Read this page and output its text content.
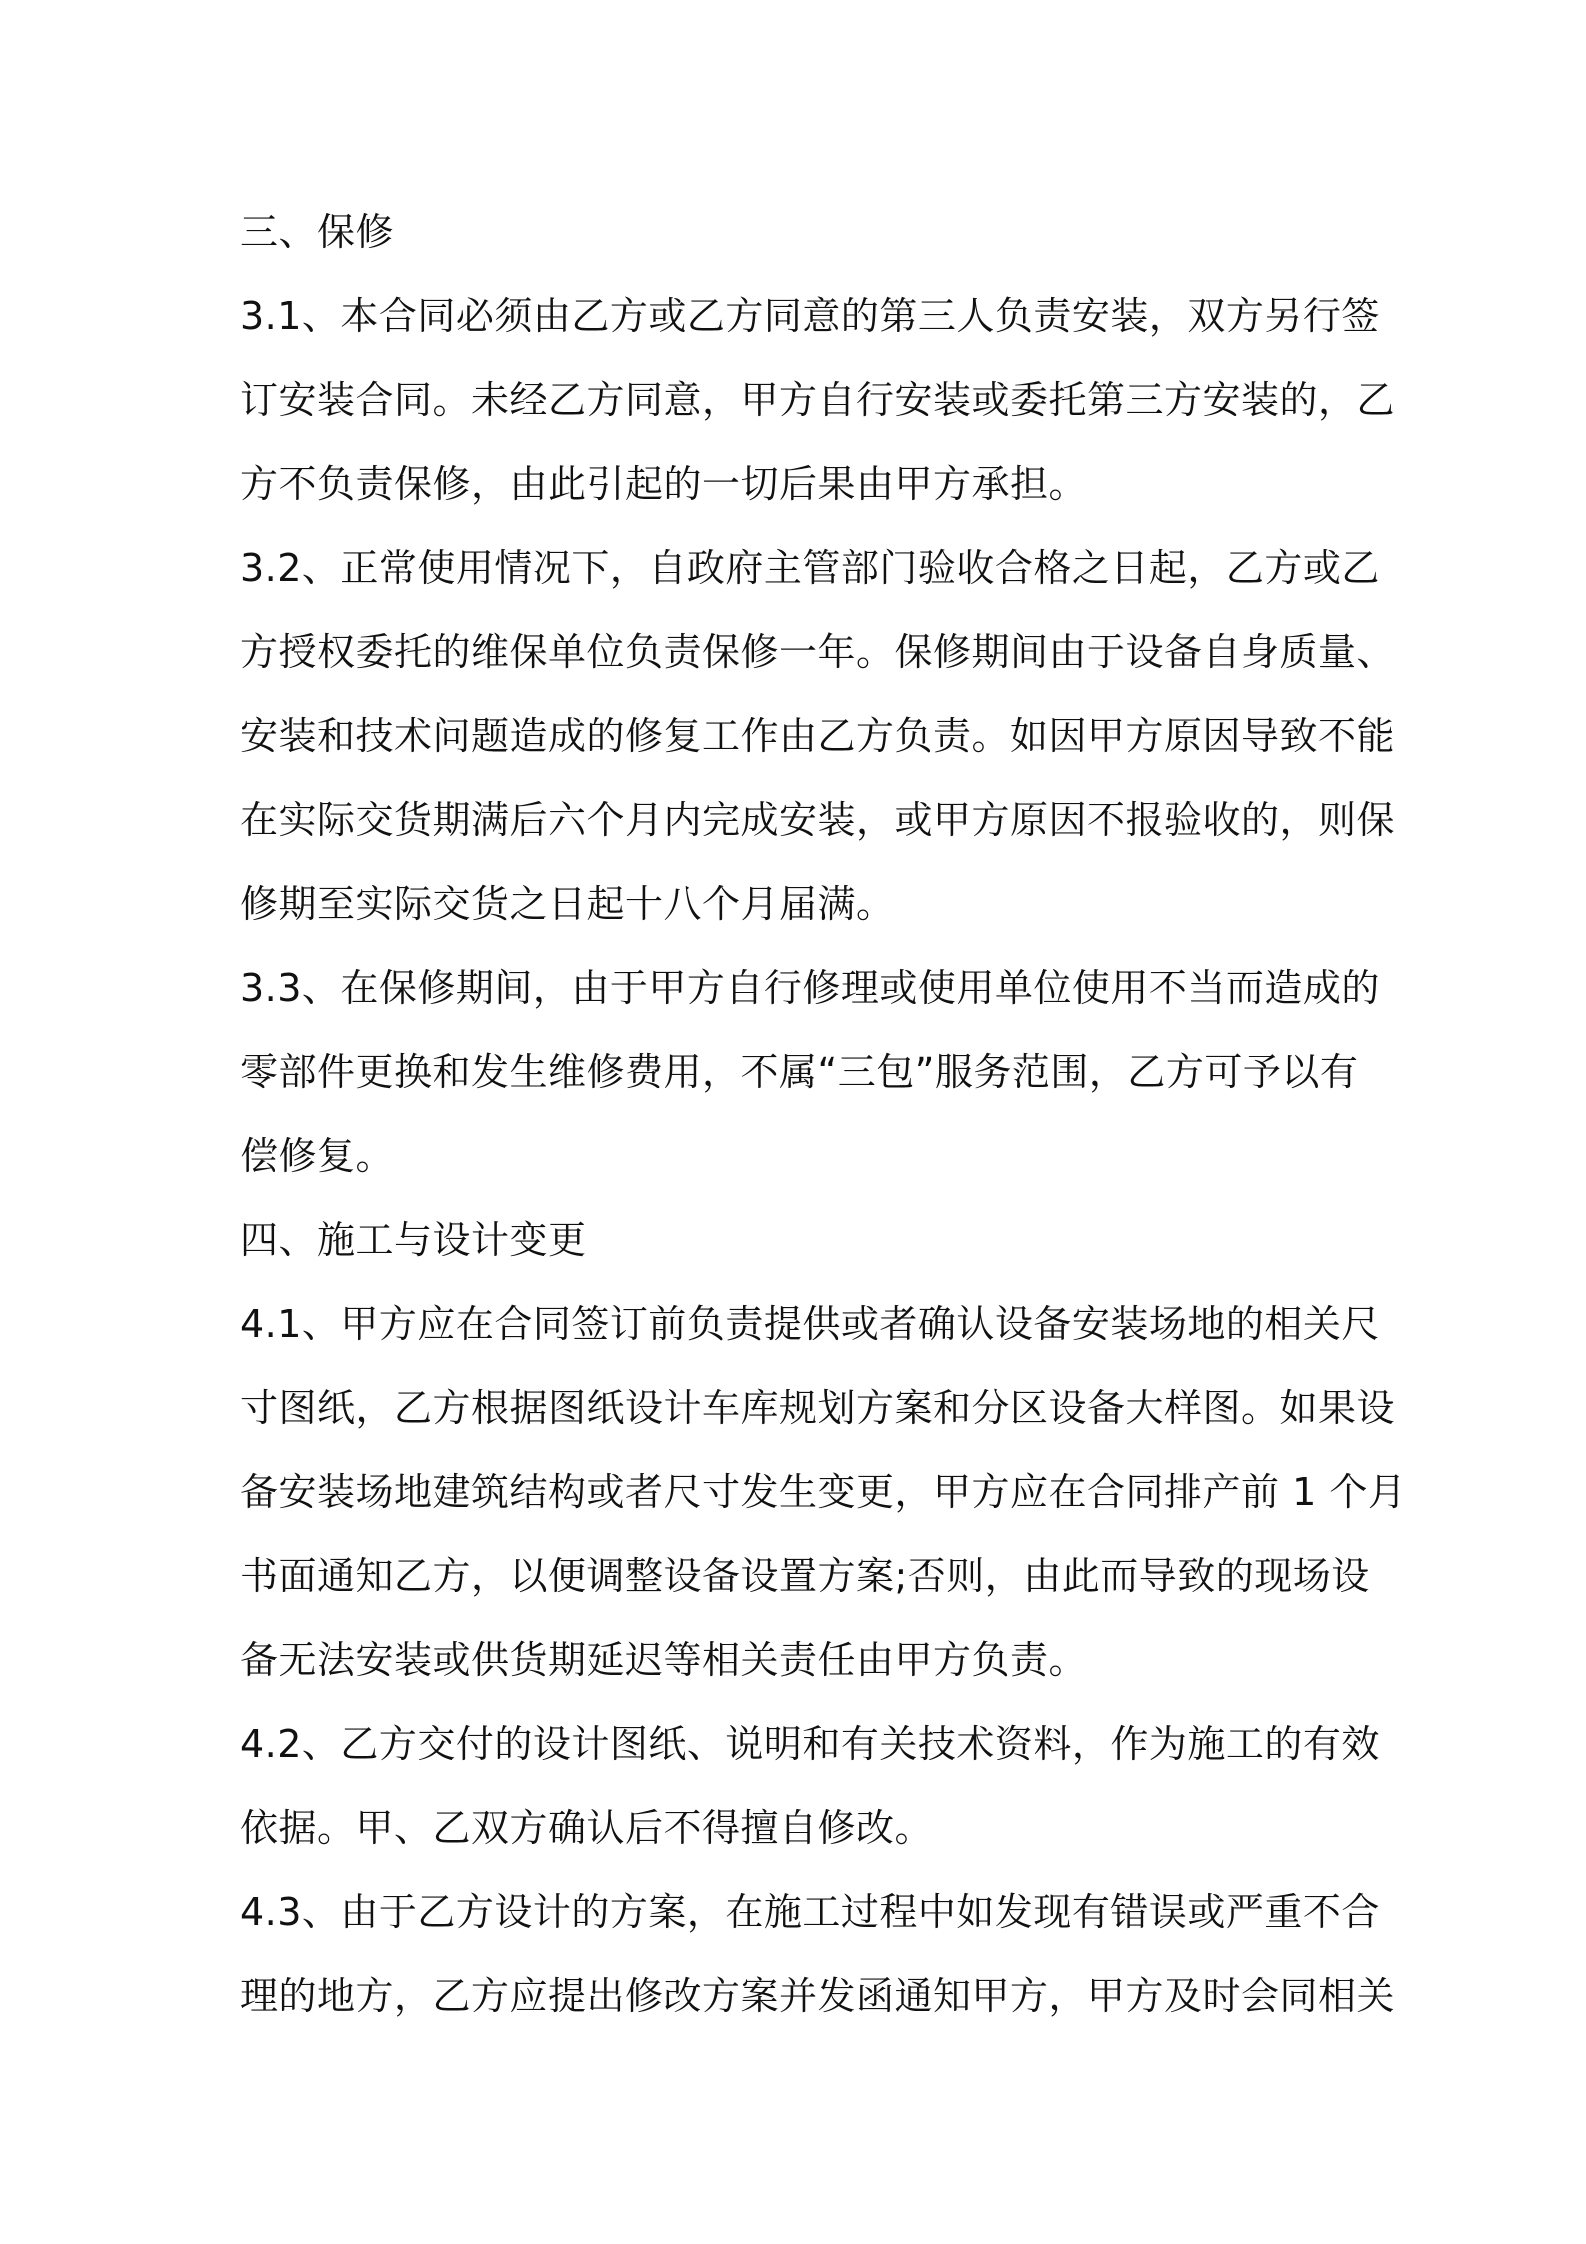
三、保修
3.1、本合同必须由乙方或乙方同意的第三人负责安装，双方另行签
订安装合同。未经乙方同意，甲方自行安装或委托第三方安装的，乙
方不负责保修，由此引起的一切后果由甲方承担。
3.2、正常使用情况下，自政府主管部门验收合格之日起，乙方或乙
方授权委托的维保单位负责保修一年。保修期间由于设备自身质量、
安装和技术问题造成的修复工作由乙方负责。如因甲方原因导致不能
在实际交货期满后六个月内完成安装，或甲方原因不报验收的，则保
修期至实际交货之日起十八个月届满。
3.3、在保修期间，由于甲方自行修理或使用单位使用不当而造成的
零部件更换和发生维修费用，不属“三包”服务范围，乙方可予以有
偿修复。
四、施工与设计变更
4.1、甲方应在合同签订前负责提供或者确认设备安装场地的相关尺
寸图纸，乙方根据图纸设计车库规划方案和分区设备大样图。如果设
备安装场地建筑结构或者尺寸发生变更，甲方应在合同排产前 1 个月
书面通知乙方，以便调整设备设置方案;否则，由此而导致的现场设
备无法安装或供货期延迟等相关责任由甲方负责。
4.2、乙方交付的设计图纸、说明和有关技术资料，作为施工的有效
依据。甲、乙双方确认后不得擅自修改。
4.3、由于乙方设计的方案，在施工过程中如发现有错误或严重不合
理的地方，乙方应提出修改方案并发函通知甲方，甲方及时会同相关
